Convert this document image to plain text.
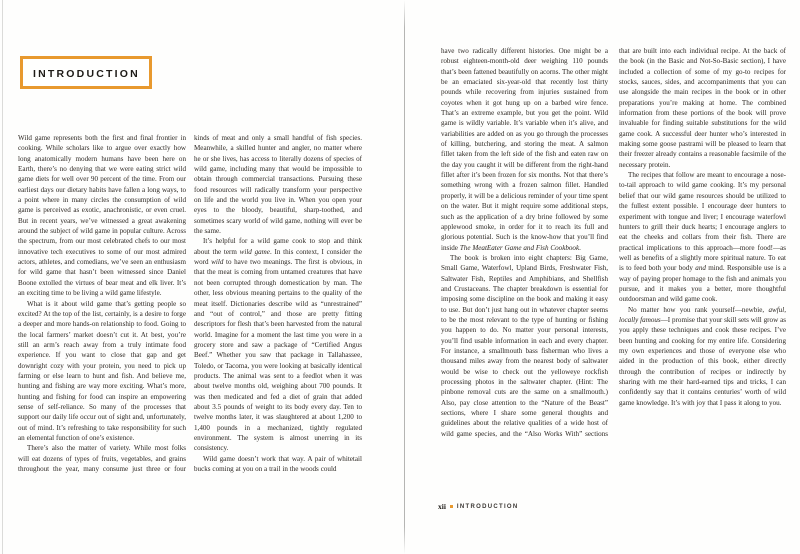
INTRODUCTION

Wild game represents both the first and final frontier in cooking. While scholars like to argue over exactly how long anatomically modern humans have been here on Earth, there’s no denying that we were eating strict wild game diets for well over 90 percent of the time. From our earliest days our dietary habits have fallen a long ways, to a point where in many circles the consumption of wild game is perceived as exotic, anachronistic, or even cruel. But in recent years, we’ve witnessed a great awakening around the subject of wild game in popular culture. Across the spectrum, from our most celebrated chefs to our most innovative tech executives to some of our most admired actors, athletes, and comedians, we’ve seen an enthusiasm for wild game that hasn’t been witnessed since Daniel Boone extolled the virtues of bear meat and elk liver. It’s an exciting time to be living a wild game lifestyle.

What is it about wild game that’s getting people so excited? At the top of the list, certainly, is a desire to forge a deeper and more hands-on relationship to food. Going to the local farmers’ market doesn’t cut it. At best, you’re still an arm’s reach away from a truly intimate food experience. If you want to close that gap and get downright cozy with your protein, you need to pick up farming or else learn to hunt and fish. And believe me, hunting and fishing are way more exciting. What’s more, hunting and fishing for food can inspire an empowering sense of self-reliance. So many of the processes that support our daily life occur out of sight and, unfortunately, out of mind. It’s refreshing to take responsibility for such an elemental function of one’s existence.

There’s also the matter of variety. While most folks will eat dozens of types of fruits, vegetables, and grains throughout the year, many consume just three or four kinds of meat and only a small handful of fish species. Meanwhile, a skilled hunter and angler, no matter where he or she lives, has access to literally dozens of species of wild game, including many that would be impossible to obtain through commercial transactions. Pursuing these food resources will radically transform your perspective on life and the world you live in. When you open your eyes to the bloody, beautiful, sharp-toothed, and sometimes scary world of wild game, nothing will ever be the same.

It’s helpful for a wild game cook to stop and think about the term wild game. In this context, I consider the word wild to have two meanings. The first is obvious, in that the meat is coming from untamed creatures that have not been corrupted through domestication by man. The other, less obvious meaning pertains to the quality of the meat itself. Dictionaries describe wild as “unrestrained” and “out of control,” and those are pretty fitting descriptors for flesh that’s been harvested from the natural world. Imagine for a moment the last time you were in a grocery store and saw a package of “Certified Angus Beef.” Whether you saw that package in Tallahassee, Toledo, or Tacoma, you were looking at basically identical products. The animal was sent to a feedlot when it was about twelve months old, weighing about 700 pounds. It was then medicated and fed a diet of grain that added about 3.5 pounds of weight to its body every day. Ten to twelve months later, it was slaughtered at about 1,200 to 1,400 pounds in a mechanized, tightly regulated environment. The system is almost unerring in its consistency.

Wild game doesn’t work that way. A pair of whitetail bucks coming at you on a trail in the woods could

have two radically different histories. One might be a robust eighteen-month-old deer weighing 110 pounds that’s been fattened beautifully on acorns. The other might be an emaciated six-year-old that recently lost thirty pounds while recovering from injuries sustained from coyotes when it got hung up on a barbed wire fence. That’s an extreme example, but you get the point. Wild game is wildly variable. It’s variable when it’s alive, and variabilities are added on as you go through the processes of killing, butchering, and storing the meat. A salmon fillet taken from the left side of the fish and eaten raw on the day you caught it will be different from the right-hand fillet after it’s been frozen for six months. Not that there’s something wrong with a frozen salmon fillet. Handled properly, it will be a delicious reminder of your time spent on the water. But it might require some additional steps, such as the application of a dry brine followed by some applewood smoke, in order for it to reach its full and glorious potential. Such is the know-how that you’ll find inside The MeatEater Game and Fish Cookbook.

The book is broken into eight chapters: Big Game, Small Game, Waterfowl, Upland Birds, Freshwater Fish, Saltwater Fish, Reptiles and Amphibians, and Shellfish and Crustaceans. The chapter breakdown is essential for imposing some discipline on the book and making it easy to use. But don’t just hang out in whatever chapter seems to be the most relevant to the type of hunting or fishing you happen to do. No matter your personal interests, you’ll find usable information in each and every chapter. For instance, a smallmouth bass fisherman who lives a thousand miles away from the nearest body of saltwater would be wise to check out the yelloweye rockfish processing photos in the saltwater chapter. (Hint: The pinbone removal cuts are the same on a smallmouth.) Also, pay close attention to the “Nature of the Beast” sections, where I share some general thoughts and guidelines about the relative qualities of a wide host of wild game species, and the “Also Works With” sections that are built into each individual recipe. At the back of the book (in the Basic and Not-So-Basic section), I have included a collection of some of my go-to recipes for stocks, sauces, sides, and accompaniments that you can use alongside the main recipes in the book or in other preparations you’re making at home. The combined information from these portions of the book will prove invaluable for finding suitable substitutions for the wild game cook. A successful deer hunter who’s interested in making some goose pastrami will be pleased to learn that their freezer already contains a reasonable facsimile of the necessary protein.

The recipes that follow are meant to encourage a nose-to-tail approach to wild game cooking. It’s my personal belief that our wild game resources should be utilized to the fullest extent possible. I encourage deer hunters to experiment with tongue and liver; I encourage waterfowl hunters to grill their duck hearts; I encourage anglers to eat the cheeks and collars from their fish. There are practical implications to this approach—more food!—as well as benefits of a slightly more spiritual nature. To eat is to feed both your body and mind. Responsible use is a way of paying proper homage to the fish and animals you pursue, and it makes you a better, more thoughtful outdoorsman and wild game cook.

No matter how you rank yourself—newbie, awful, locally famous—I promise that your skill sets will grow as you apply these techniques and cook these recipes. I’ve been hunting and cooking for my entire life. Considering my own experiences and those of everyone else who aided in the production of this book, either directly through the contribution of recipes or indirectly by sharing with me their hard-earned tips and tricks, I can confidently say that it contains centuries’ worth of wild game knowledge. It’s with joy that I pass it along to you.

xii INTRODUCTION
